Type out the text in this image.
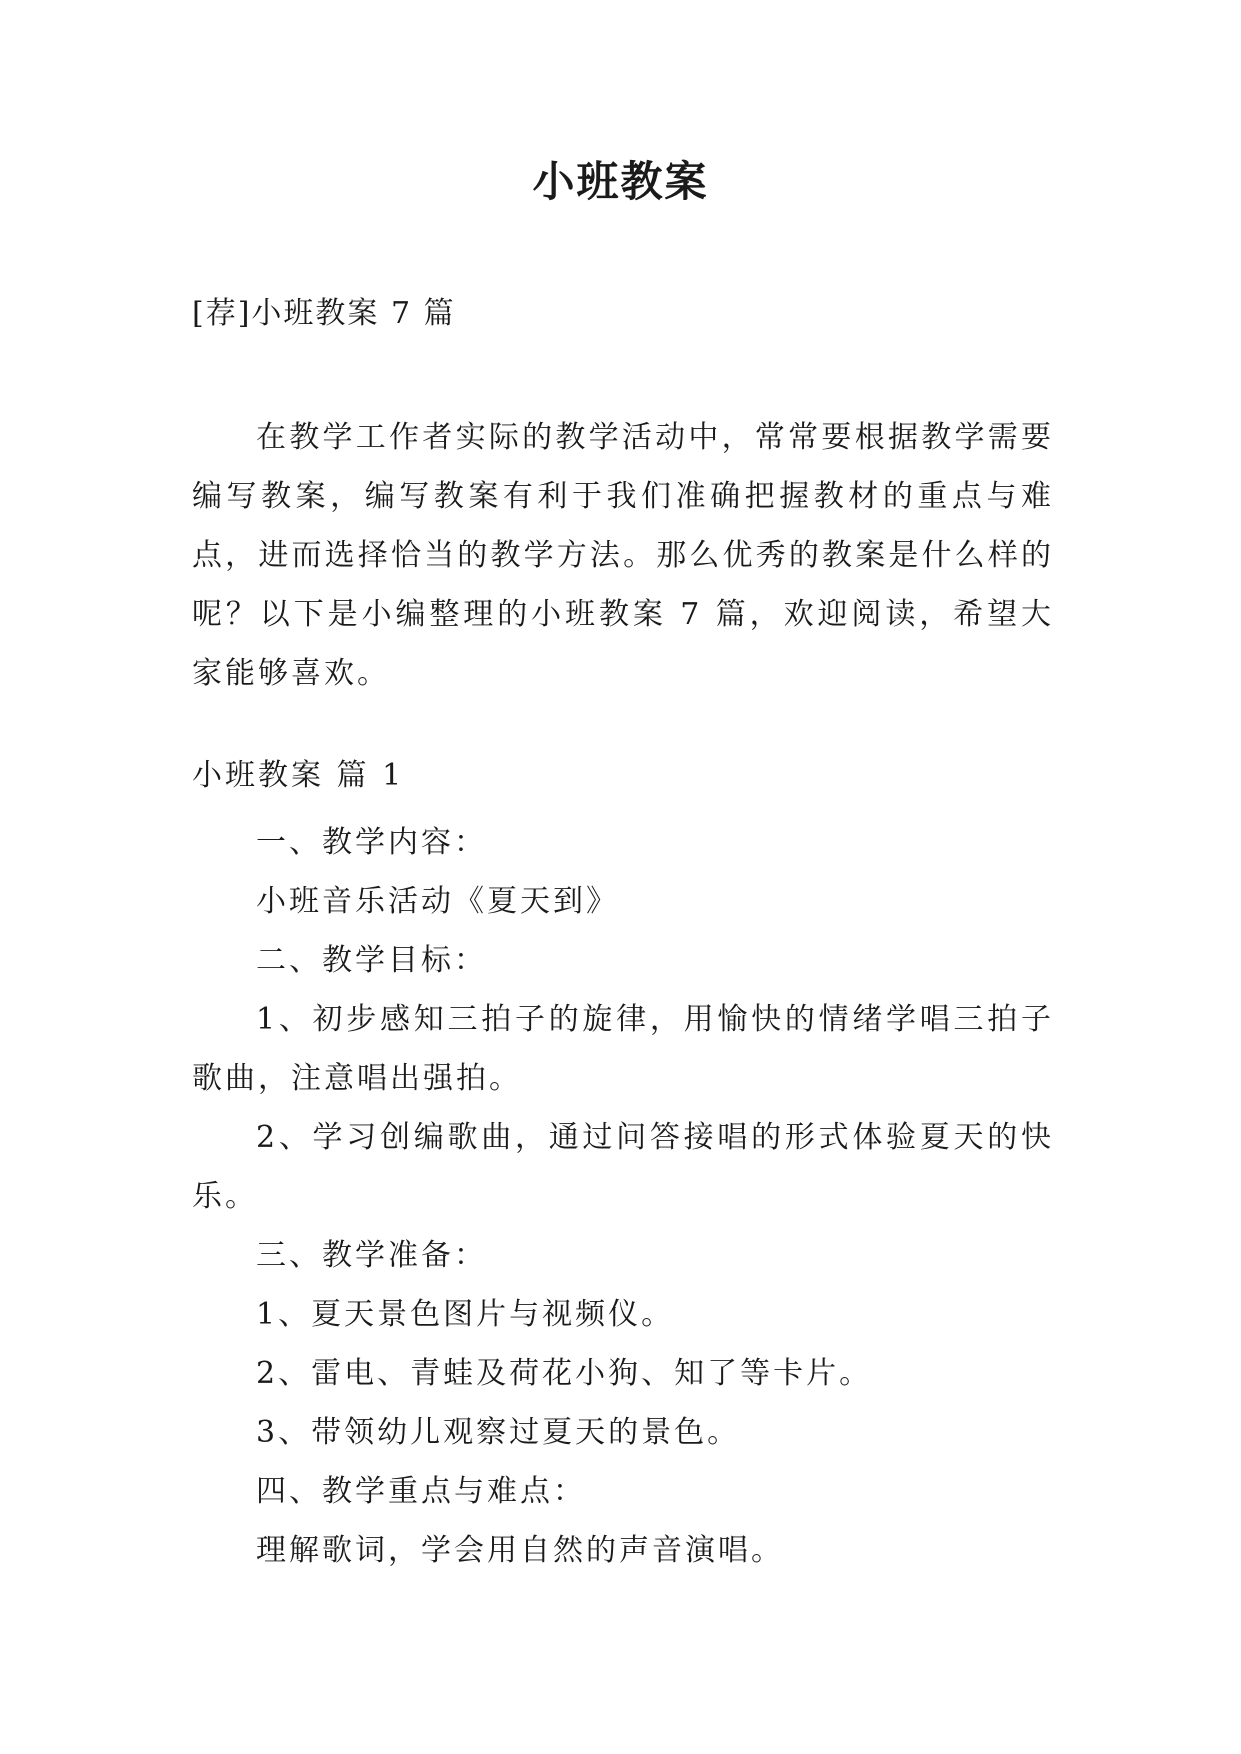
小班教案
[荐]小班教案 7 篇

在教学工作者实际的教学活动中，常常要根据教学需要编写教案，编写教案有利于我们准确把握教材的重点与难点，进而选择恰当的教学方法。那么优秀的教案是什么样的呢？以下是小编整理的小班教案 7 篇，欢迎阅读，希望大家能够喜欢。

小班教案 篇 1

一、教学内容：

小班音乐活动《夏天到》

二、教学目标：

1、初步感知三拍子的旋律，用愉快的情绪学唱三拍子歌曲，注意唱出强拍。

2、学习创编歌曲，通过问答接唱的形式体验夏天的快乐。

三、教学准备：

1、夏天景色图片与视频仪。

2、雷电、青蛙及荷花小狗、知了等卡片。

3、带领幼儿观察过夏天的景色。

四、教学重点与难点：

理解歌词，学会用自然的声音演唱。
